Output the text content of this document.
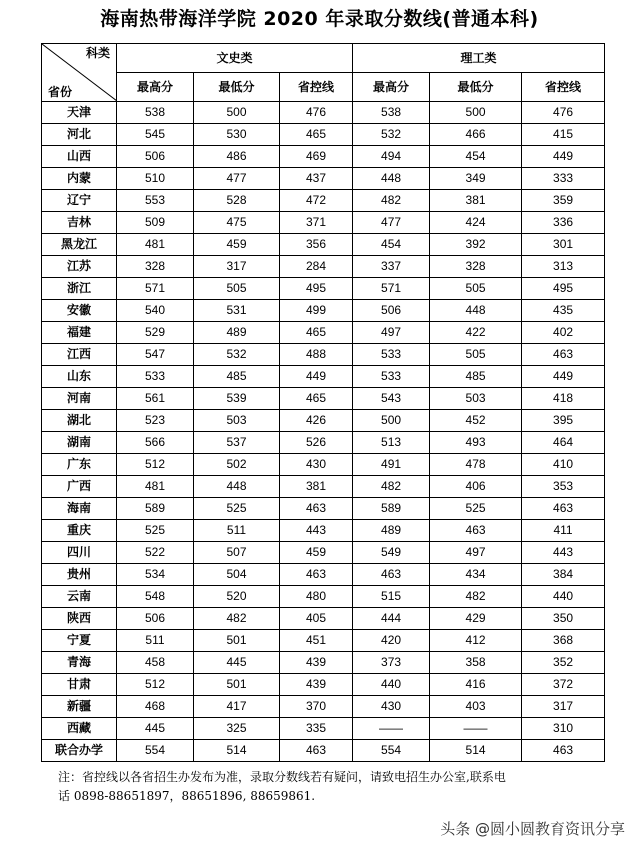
海南热带海洋学院 2020 年录取分数线(普通本科)
科类
省份	文史类			理工类		
	最高分	最低分	省控线	最高分	最低分	省控线
天津	538	500	476	538	500	476
河北	545	530	465	532	466	415
山西	506	486	469	494	454	449
内蒙	510	477	437	448	349	333
辽宁	553	528	472	482	381	359
吉林	509	475	371	477	424	336
黑龙江	481	459	356	454	392	301
江苏	328	317	284	337	328	313
浙江	571	505	495	571	505	495
安徽	540	531	499	506	448	435
福建	529	489	465	497	422	402
江西	547	532	488	533	505	463
山东	533	485	449	533	485	449
河南	561	539	465	543	503	418
湖北	523	503	426	500	452	395
湖南	566	537	526	513	493	464
广东	512	502	430	491	478	410
广西	481	448	381	482	406	353
海南	589	525	463	589	525	463
重庆	525	511	443	489	463	411
四川	522	507	459	549	497	443
贵州	534	504	463	463	434	384
云南	548	520	480	515	482	440
陕西	506	482	405	444	429	350
宁夏	511	501	451	420	412	368
青海	458	445	439	373	358	352
甘肃	512	501	439	440	416	372
新疆	468	417	370	430	403	317
西藏	445	325	335	——	——	310
联合办学	554	514	463	554	514	463
注：省控线以各省招生办发布为准，录取分数线若有疑问，请致电招生办公室,联系电
话 0898-88651897，88651896, 88659861.
头条 @圆小圆教育资讯分享
